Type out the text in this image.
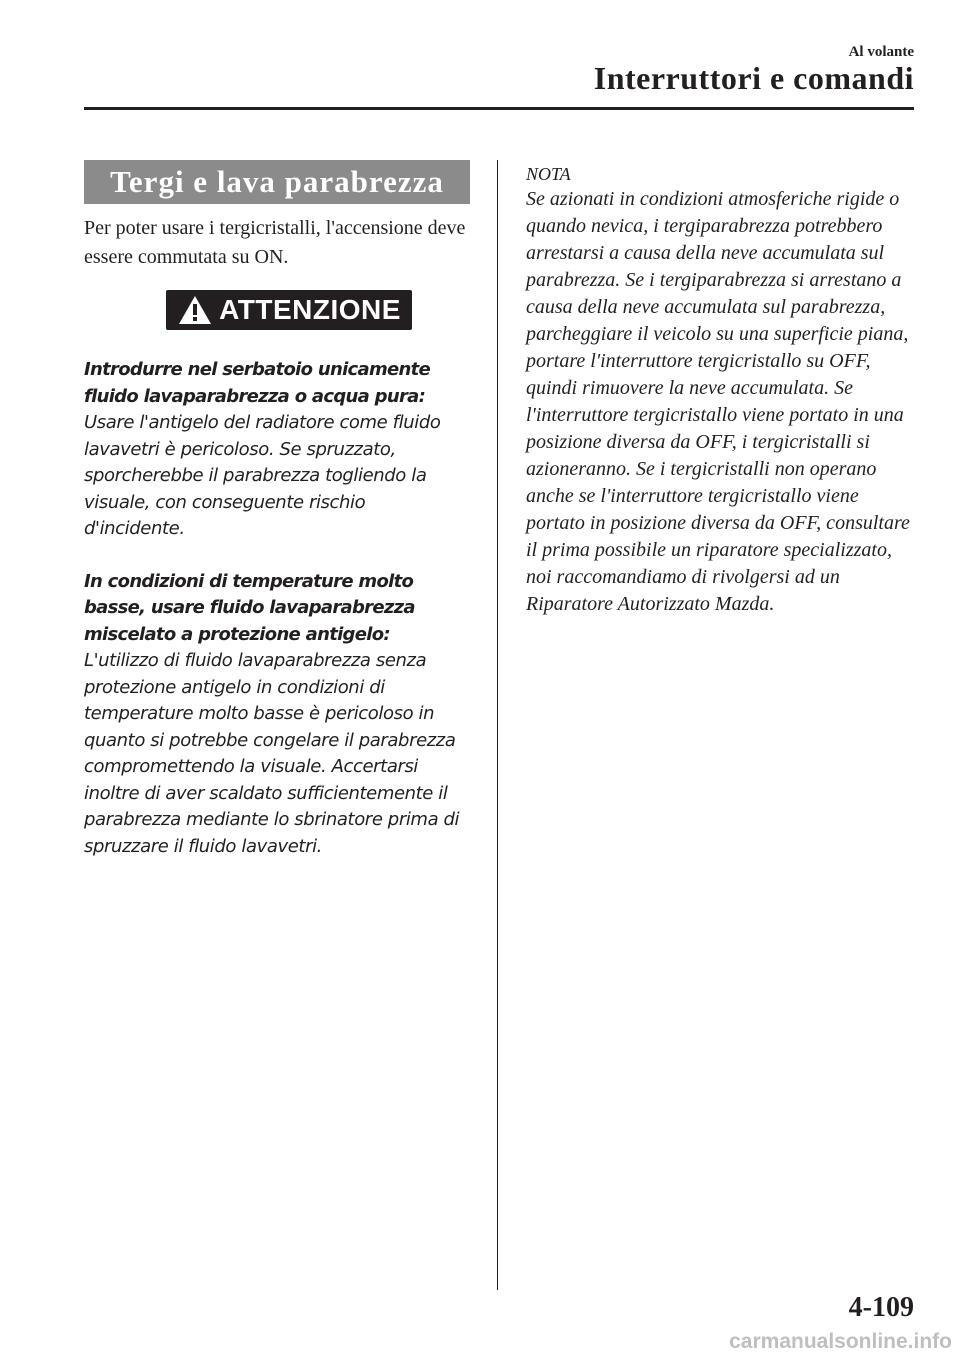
Al volante
Interruttori e comandi
Tergi e lava parabrezza
Per poter usare i tergicristalli, l'accensione deve essere commutata su ON.
ATTENZIONE
Introdurre nel serbatoio unicamente fluido lavaparabrezza o acqua pura:
Usare l'antigelo del radiatore come fluido lavavetri è pericoloso. Se spruzzato, sporcherebbe il parabrezza togliendo la visuale, con conseguente rischio d'incidente.
In condizioni di temperature molto basse, usare fluido lavaparabrezza miscelato a protezione antigelo:
L'utilizzo di fluido lavaparabrezza senza protezione antigelo in condizioni di temperature molto basse è pericoloso in quanto si potrebbe congelare il parabrezza compromettendo la visuale. Accertarsi inoltre di aver scaldato sufficientemente il parabrezza mediante lo sbrinatore prima di spruzzare il fluido lavavetri.
NOTA
Se azionati in condizioni atmosferiche rigide o quando nevica, i tergiparabrezza potrebbero arrestarsi a causa della neve accumulata sul parabrezza. Se i tergiparabrezza si arrestano a causa della neve accumulata sul parabrezza, parcheggiare il veicolo su una superficie piana, portare l'interruttore tergicristallo su OFF, quindi rimuovere la neve accumulata. Se l'interruttore tergicristallo viene portato in una posizione diversa da OFF, i tergicristalli si azioneranno. Se i tergicristalli non operano anche se l'interruttore tergicristallo viene portato in posizione diversa da OFF, consultare il prima possibile un riparatore specializzato, noi raccomandiamo di rivolgersi ad un Riparatore Autorizzato Mazda.
4-109
carmanualsonline.info
